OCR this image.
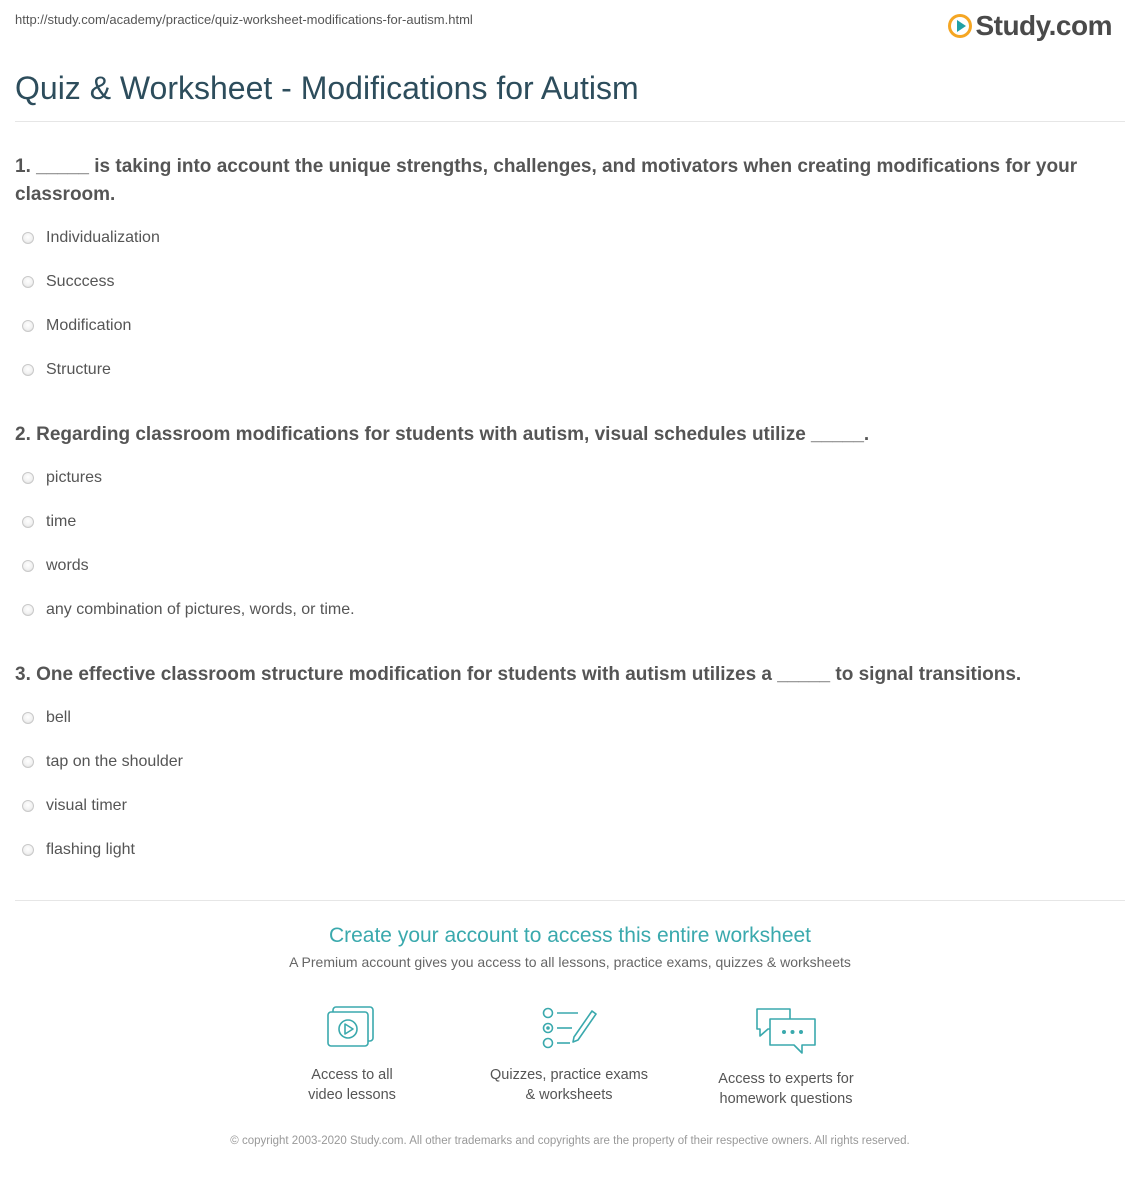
http://study.com/academy/practice/quiz-worksheet-modifications-for-autism.html	Study.com
Quiz & Worksheet - Modifications for Autism

1. _____ is taking into account the unique strengths, challenges, and motivators when creating modifications for your classroom.

Individualization
Succcess
Modification
Structure

2. Regarding classroom modifications for students with autism, visual schedules utilize _____.

pictures
time
words
any combination of pictures, words, or time.

3. One effective classroom structure modification for students with autism utilizes a _____ to signal transitions.

bell
tap on the shoulder
visual timer
flashing light

Create your account to access this entire worksheet

A Premium account gives you access to all lessons, practice exams, quizzes & worksheets
Access to all
video lessons
Quizzes, practice exams
& worksheets
Access to experts for
homework questions
© copyright 2003-2020 Study.com. All other trademarks and copyrights are the property of their respective owners. All rights reserved.
